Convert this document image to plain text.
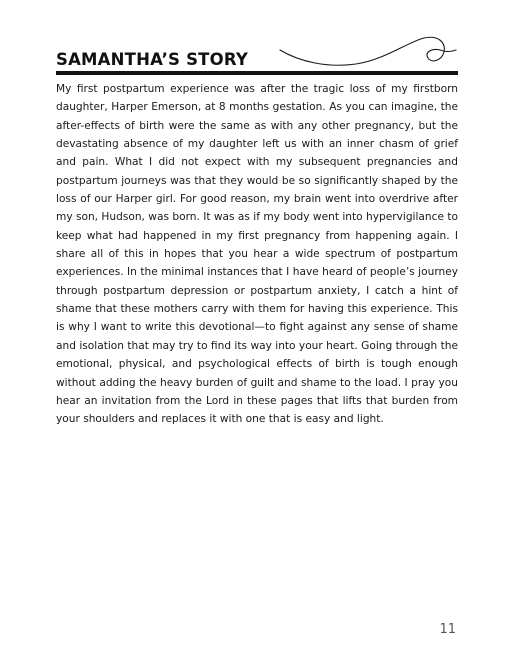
SAMANTHA’S STORY

My first postpartum experience was after the tragic loss of my firstborn daughter, Harper Emerson, at 8 months gestation. As you can imagine, the after-effects of birth were the same as with any other pregnancy, but the devastating absence of my daughter left us with an inner chasm of grief and pain. What I did not expect with my subsequent pregnancies and postpartum journeys was that they would be so significantly shaped by the loss of our Harper girl. For good reason, my brain went into overdrive after my son, Hudson, was born. It was as if my body went into hypervigilance to keep what had happened in my first pregnancy from happening again. I share all of this in hopes that you hear a wide spectrum of postpartum experiences. In the minimal instances that I have heard of people’s journey through postpartum depression or postpartum anxiety, I catch a hint of shame that these mothers carry with them for having this experience. This is why I want to write this devotional—to fight against any sense of shame and isolation that may try to find its way into your heart. Going through the emotional, physical, and psychological effects of birth is tough enough without adding the heavy burden of guilt and shame to the load. I pray you hear an invitation from the Lord in these pages that lifts that burden from your shoulders and replaces it with one that is easy and light.

11
